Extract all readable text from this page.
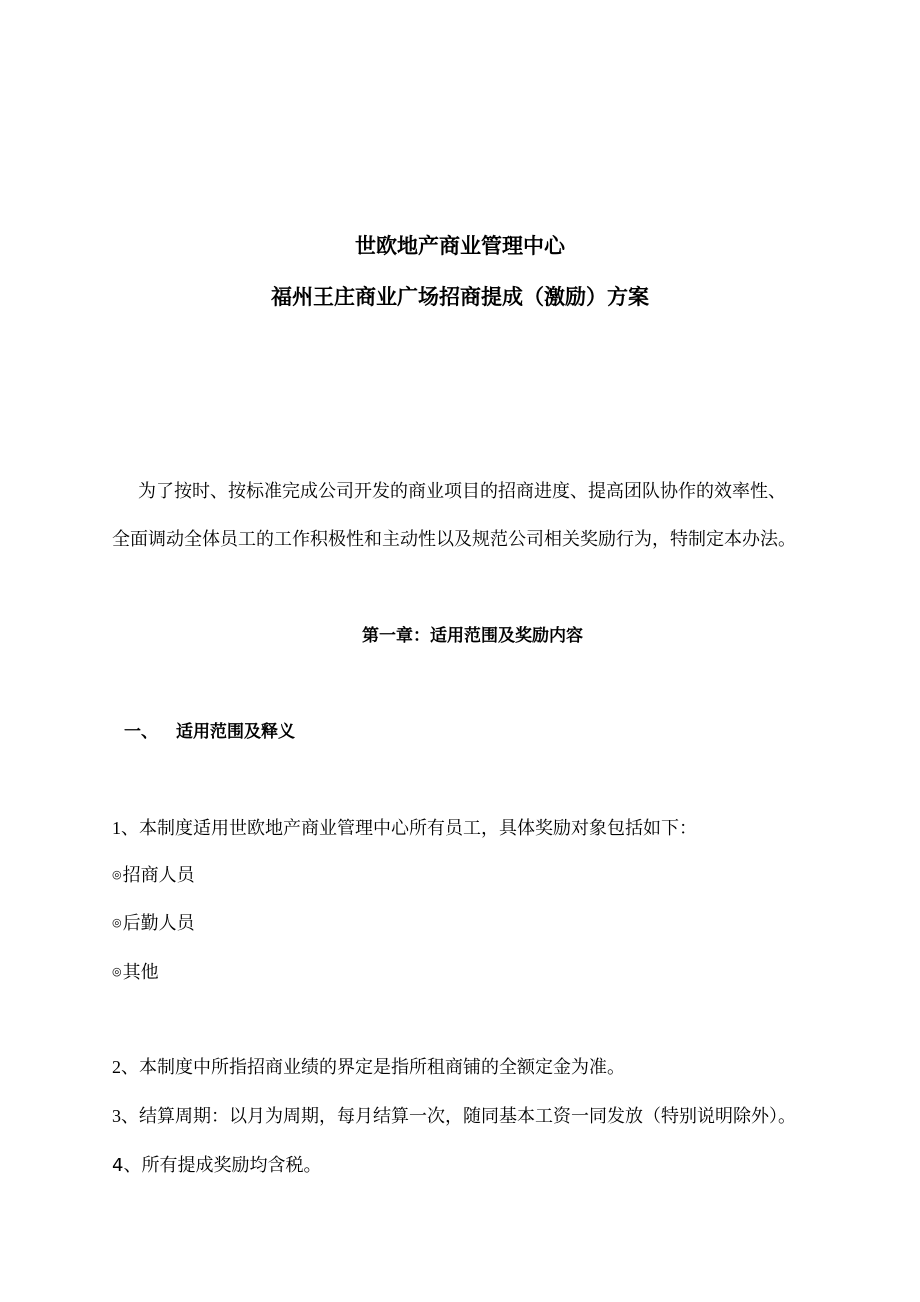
世欧地产商业管理中心
福州王庄商业广场招商提成（激励）方案
为了按时、按标准完成公司开发的商业项目的招商进度、提高团队协作的效率性、
全面调动全体员工的工作积极性和主动性以及规范公司相关奖励行为，特制定本办法。
第一章：适用范围及奖励内容
一、 适用范围及释义
1、本制度适用世欧地产商业管理中心所有员工，具体奖励对象包括如下：
◎招商人员
◎后勤人员
◎其他
2、本制度中所指招商业绩的界定是指所租商铺的全额定金为准。
3、结算周期：以月为周期，每月结算一次，随同基本工资一同发放（特别说明除外）。
4、所有提成奖励均含税。
